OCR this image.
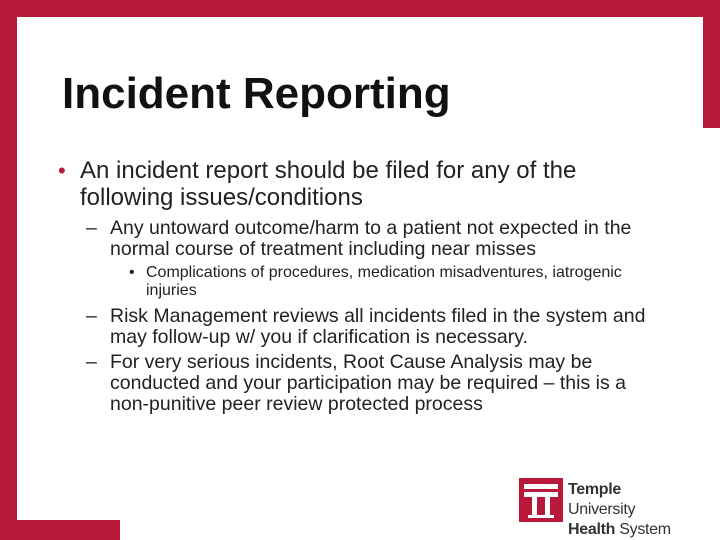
Incident Reporting
• An incident report should be filed for any of the following issues/conditions
– Any untoward outcome/harm to a patient not expected in the normal course of treatment including near misses
• Complications of procedures, medication misadventures, iatrogenic injuries
– Risk Management reviews all incidents filed in the system and may follow-up w/ you if clarification is necessary.
– For very serious incidents, Root Cause Analysis may be conducted and your participation may be required – this is a non-punitive peer review protected process
Temple University
Health System
